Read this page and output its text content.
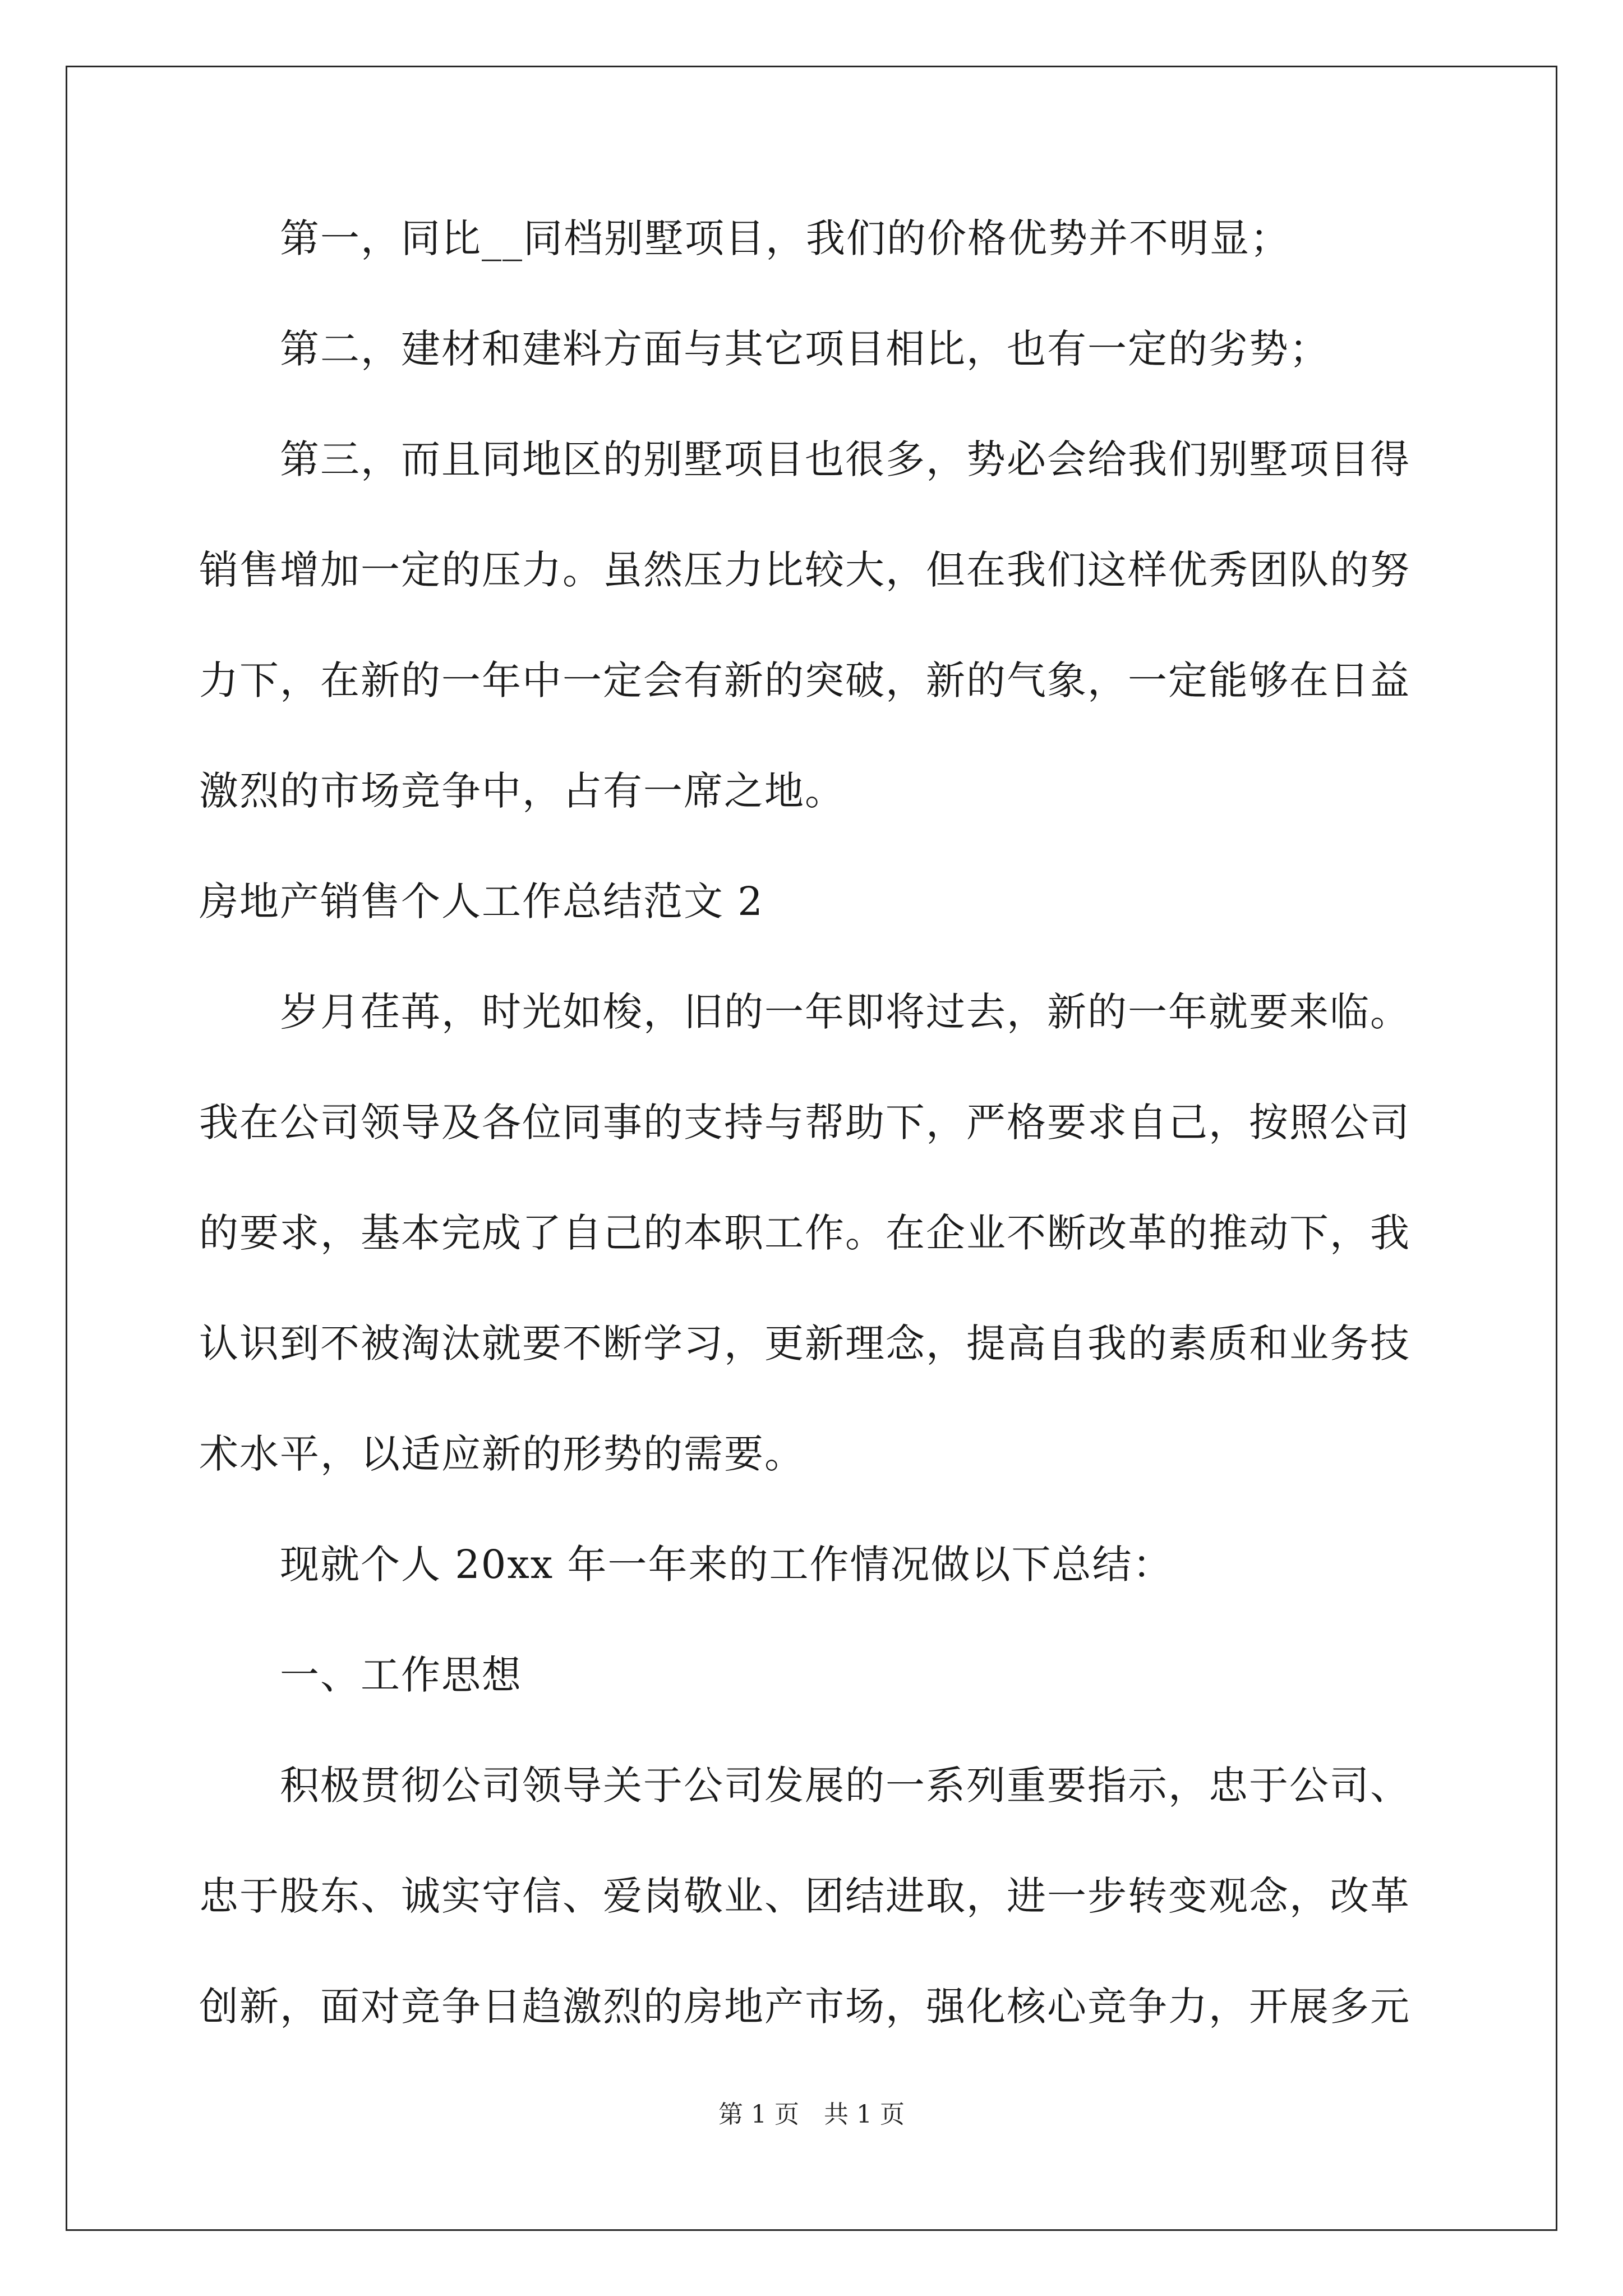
　　第一，同比__同档别墅项目，我们的价格优势并不明显；
　　第二，建材和建料方面与其它项目相比，也有一定的劣势；
　　第三，而且同地区的别墅项目也很多，势必会给我们别墅项目得
销售增加一定的压力。虽然压力比较大，但在我们这样优秀团队的努
力下，在新的一年中一定会有新的突破，新的气象，一定能够在日益
激烈的市场竞争中，占有一席之地。
房地产销售个人工作总结范文 2
　　岁月荏苒，时光如梭，旧的一年即将过去，新的一年就要来临。
我在公司领导及各位同事的支持与帮助下，严格要求自己，按照公司
的要求，基本完成了自己的本职工作。在企业不断改革的推动下，我
认识到不被淘汰就要不断学习，更新理念，提高自我的素质和业务技
术水平，以适应新的形势的需要。
　　现就个人 20xx 年一年来的工作情况做以下总结：
　　一、工作思想
　　积极贯彻公司领导关于公司发展的一系列重要指示，忠于公司、
忠于股东、诚实守信、爱岗敬业、团结进取，进一步转变观念，改革
创新，面对竞争日趋激烈的房地产市场，强化核心竞争力，开展多元
第 1 页　共 1 页
